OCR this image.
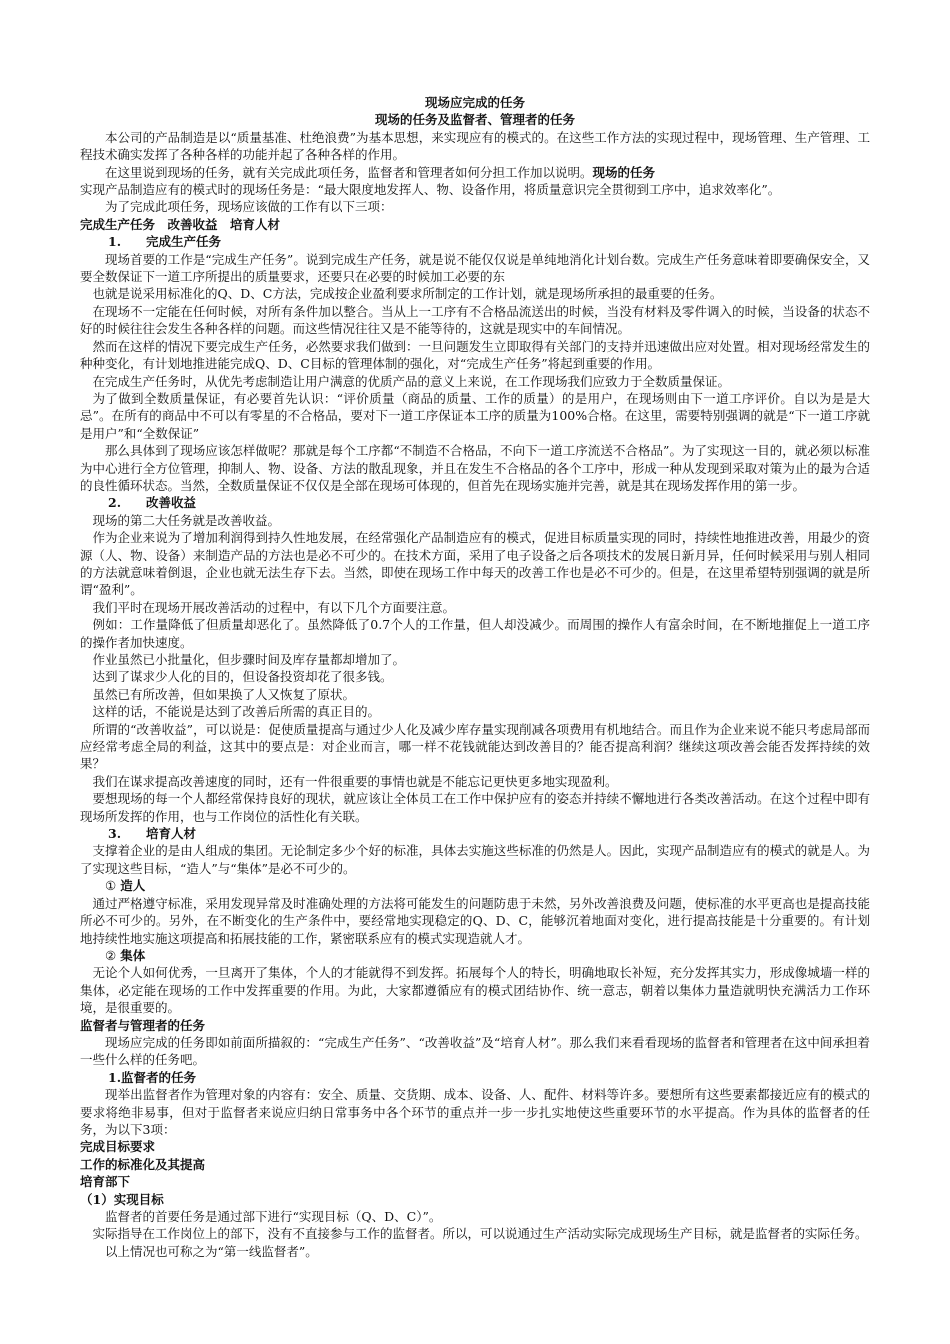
现场应完成的任务

现场的任务及监督者、管理者的任务

本公司的产品制造是以“质量基准、杜绝浪费”为基本思想，来实现应有的模式的。在这些工作方法的实现过程中，现场管理、生产管理、工程技术确实发挥了各种各样的功能并起了各种各样的作用。

在这里说到现场的任务，就有关完成此项任务，监督者和管理者如何分担工作加以说明。现场的任务

实现产品制造应有的模式时的现场任务是：“最大限度地发挥人、物、设备作用，将质量意识完全贯彻到工序中，追求效率化”。

为了完成此项任务，现场应该做的工作有以下三项：

完成生产任务　改善收益　培育人材

1. 完成生产任务

现场首要的工作是“完成生产任务”。说到完成生产任务，就是说不能仅仅说是单纯地消化计划台数。完成生产任务意味着即要确保安全，又要全数保证下一道工序所提出的质量要求，还要只在必要的时候加工必要的东

也就是说采用标准化的Q、D、C方法，完成按企业盈利要求所制定的工作计划，就是现场所承担的最重要的任务。

在现场不一定能在任何时候，对所有条件加以整合。当从上一工序有不合格品流送出的时候，当没有材料及零件调入的时候，当设备的状态不好的时候往往会发生各种各样的问题。而这些情况往往又是不能等待的，这就是现实中的车间情况。

然而在这样的情况下要完成生产任务，必然要求我们做到：一旦问题发生立即取得有关部门的支持并迅速做出应对处置。相对现场经常发生的种种变化，有计划地推进能完成Q、D、C目标的管理体制的强化，对“完成生产任务”将起到重要的作用。

在完成生产任务时，从优先考虑制造让用户满意的优质产品的意义上来说，在工作现场我们应致力于全数质量保证。

为了做到全数质量保证，有必要首先认识：“评价质量（商品的质量、工作的质量）的是用户，在现场则由下一道工序评价。自以为是是大忌”。在所有的商品中不可以有零星的不合格品，要对下一道工序保证本工序的质量为100%合格。在这里，需要特别强调的就是“下一道工序就是用户”和“全数保证”

那么具体到了现场应该怎样做呢？那就是每个工序都“不制造不合格品，不向下一道工序流送不合格品”。为了实现这一目的，就必须以标准为中心进行全方位管理，抑制人、物、设备、方法的散乱现象，并且在发生不合格品的各个工序中，形成一种从发现到采取对策为止的最为合适的良性循环状态。当然，全数质量保证不仅仅是全部在现场可体现的，但首先在现场实施并完善，就是其在现场发挥作用的第一步。

2. 改善收益

现场的第二大任务就是改善收益。

作为企业来说为了增加利润得到持久性地发展，在经常强化产品制造应有的模式，促进目标质量实现的同时，持续性地推进改善，用最少的资源（人、物、设备）来制造产品的方法也是必不可少的。在技术方面，采用了电子设备之后各项技术的发展日新月异，任何时候采用与别人相同的方法就意味着倒退，企业也就无法生存下去。当然，即使在现场工作中每天的改善工作也是必不可少的。但是，在这里希望特别强调的就是所谓“盈利”。

我们平时在现场开展改善活动的过程中，有以下几个方面要注意。

例如：工作量降低了但质量却恶化了。虽然降低了0.7个人的工作量，但人却没减少。而周围的操作人有富余时间，在不断地摧促上一道工序的操作者加快速度。

作业虽然已小批量化，但步骤时间及库存量都却增加了。

达到了谋求少人化的目的，但设备投资却花了很多钱。

虽然已有所改善，但如果换了人又恢复了原状。

这样的话，不能说是达到了改善后所需的真正目的。

所谓的“改善收益”，可以说是：促使质量提高与通过少人化及减少库存量实现削减各项费用有机地结合。而且作为企业来说不能只考虑局部而应经常考虑全局的利益，这其中的要点是：对企业而言，哪一样不花钱就能达到改善目的？能否提高利润？继续这项改善会能否发挥持续的效果？

我们在谋求提高改善速度的同时，还有一件很重要的事情也就是不能忘记更快更多地实现盈利。

要想现场的每一个人都经常保持良好的现状，就应该让全体员工在工作中保护应有的姿态并持续不懈地进行各类改善活动。在这个过程中即有现场所发挥的作用，也与工作岗位的活性化有关联。

3. 培育人材

支撑着企业的是由人组成的集团。无论制定多少个好的标准，具体去实施这些标准的仍然是人。因此，实现产品制造应有的模式的就是人。为了实现这些目标，“造人”与“集体”是必不可少的。

① 造人

通过严格遵守标准，采用发现异常及时准确处理的方法将可能发生的问题防患于未然，另外改善浪费及问题，使标准的水平更高也是提高技能所必不可少的。另外，在不断变化的生产条件中，要经常地实现稳定的Q、D、C，能够沉着地面对变化，进行提高技能是十分重要的。有计划地持续性地实施这项提高和拓展技能的工作，紧密联系应有的模式实现造就人才。

② 集体

无论个人如何优秀，一旦离开了集体，个人的才能就得不到发挥。拓展每个人的特长，明确地取长补短，充分发挥其实力，形成像城墙一样的集体，必定能在现场的工作中发挥重要的作用。为此，大家都遵循应有的模式团结协作、统一意志，朝着以集体力量造就明快充满活力工作环境，是很重要的。

监督者与管理者的任务

现场应完成的任务即如前面所描叙的：“完成生产任务”、“改善收益”及“培育人材”。那么我们来看看现场的监督者和管理者在这中间承担着一些什么样的任务吧。

1.监督者的任务

现举出监督者作为管理对象的内容有：安全、质量、交货期、成本、设备、人、配件、材料等许多。要想所有这些要素都接近应有的模式的要求将绝非易事，但对于监督者来说应归纳日常事务中各个环节的重点并一步一步扎实地使这些重要环节的水平提高。作为具体的监督者的任务，为以下3项：

完成目标要求

工作的标准化及其提高

培育部下

（1）实现目标

监督者的首要任务是通过部下进行“实现目标（Q、D、C）”。

实际指导在工作岗位上的部下，没有不直接参与工作的监督者。所以，可以说通过生产活动实际完成现场生产目标，就是监督者的实际任务。

以上情况也可称之为“第一线监督者”。
